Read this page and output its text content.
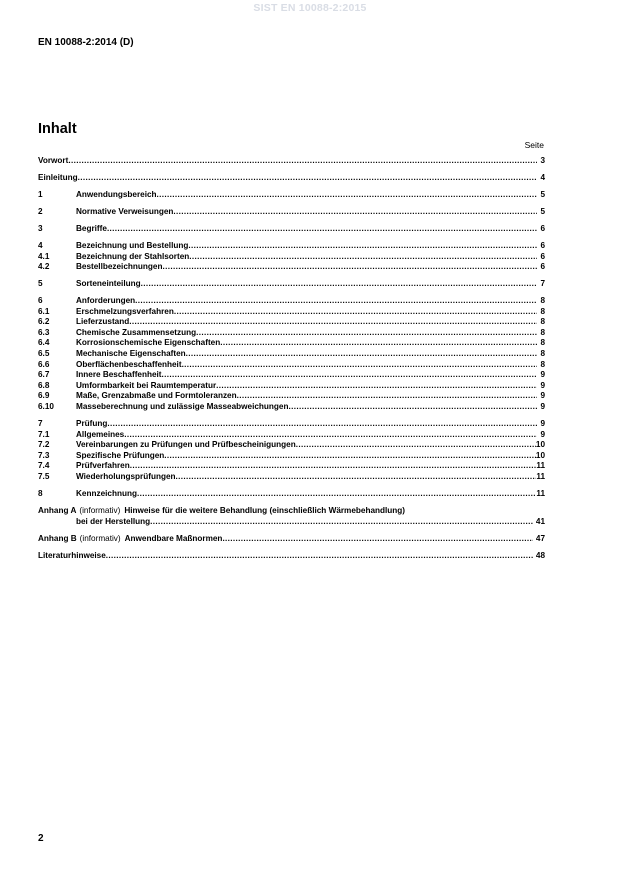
SIST EN 10088-2:2015
EN 10088-2:2014 (D)
Inhalt
Seite
Vorwort .....	3
Einleitung .....	4
1	Anwendungsbereich .....	5
2	Normative Verweisungen .....	5
3	Begriffe .....	6
4	Bezeichnung und Bestellung .....	6
4.1	Bezeichnung der Stahlsorten .....	6
4.2	Bestellbezeichnungen .....	6
5	Sorteneinteilung .....	7
6	Anforderungen .....	8
6.1	Erschmelzungsverfahren .....	8
6.2	Lieferzustand .....	8
6.3	Chemische Zusammensetzung .....	8
6.4	Korrosionschemische Eigenschaften .....	8
6.5	Mechanische Eigenschaften .....	8
6.6	Oberflächenbeschaffenheit .....	8
6.7	Innere Beschaffenheit .....	9
6.8	Umformbarkeit bei Raumtemperatur .....	9
6.9	Maße, Grenzabmaße und Formtoleranzen .....	9
6.10	Masseberechnung und zulässige Masseabweichungen .....	9
7	Prüfung .....	9
7.1	Allgemeines .....	9
7.2	Vereinbarungen zu Prüfungen und Prüfbescheinigungen .....	10
7.3	Spezifische Prüfungen .....	10
7.4	Prüfverfahren .....	11
7.5	Wiederholungsprüfungen .....	11
8	Kennzeichnung .....	11
Anhang A (informativ) Hinweise für die weitere Behandlung (einschließlich Wärmebehandlung)
bei der Herstellung .....	41
Anhang B (informativ) Anwendbare Maßnormen .....	47
Literaturhinweise .....	48
2
